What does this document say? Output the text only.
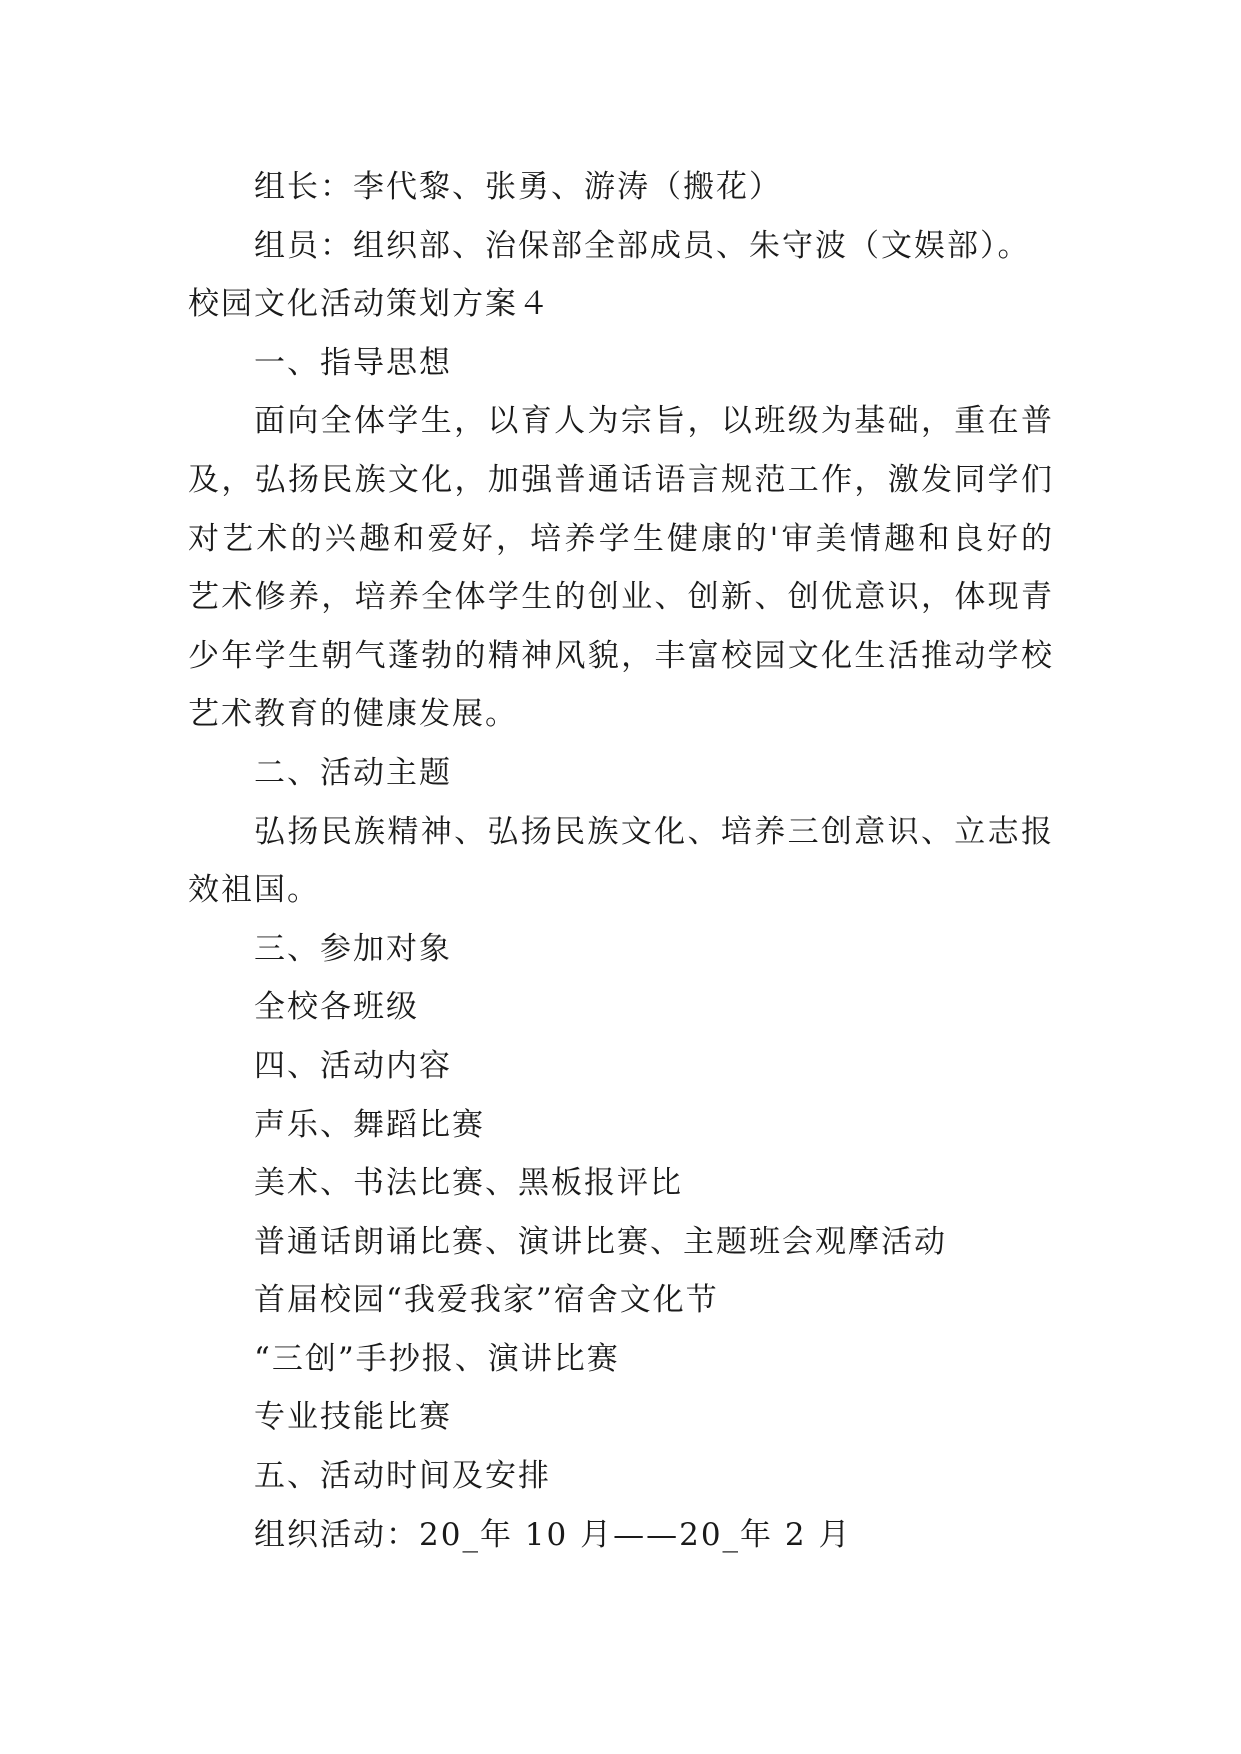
组长：李代黎、张勇、游涛（搬花）

组员：组织部、治保部全部成员、朱守波（文娱部）。

校园文化活动策划方案４

一、指导思想

面向全体学生，以育人为宗旨，以班级为基础，重在普

及，弘扬民族文化，加强普通话语言规范工作，激发同学们

对艺术的兴趣和爱好，培养学生健康的'审美情趣和良好的

艺术修养，培养全体学生的创业、创新、创优意识，体现青

少年学生朝气蓬勃的精神风貌，丰富校园文化生活推动学校

艺术教育的健康发展。

二、活动主题

弘扬民族精神、弘扬民族文化、培养三创意识、立志报

效祖国。

三、参加对象

全校各班级

四、活动内容

声乐、舞蹈比赛

美术、书法比赛、黑板报评比

普通话朗诵比赛、演讲比赛、主题班会观摩活动

首届校园“我爱我家”宿舍文化节

“三创”手抄报、演讲比赛

专业技能比赛

五、活动时间及安排

组织活动：20_年 10 月——20_年 2 月
